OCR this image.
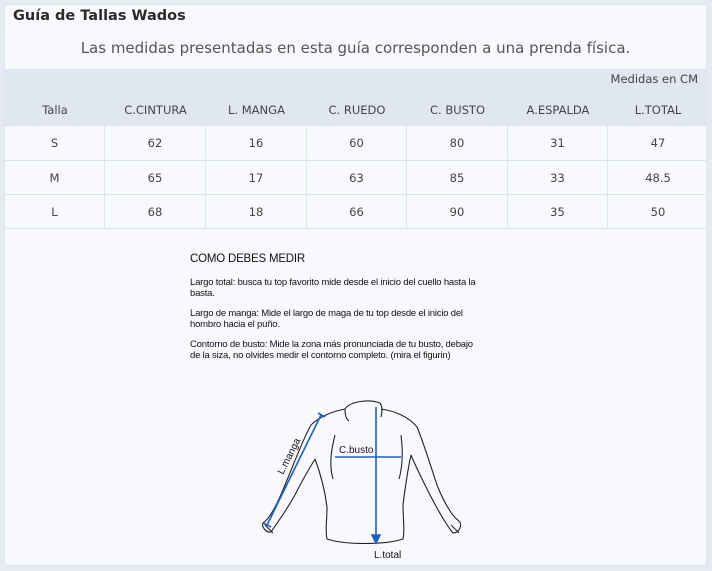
Guía de Tallas Wados
Las medidas presentadas en esta guía corresponden a una prenda física.
Medidas en CM
Talla	C.CINTURA	L. MANGA	C. RUEDO	C. BUSTO	A.ESPALDA	L.TOTAL
S	62	16	60	80	31	47
M	65	17	63	85	33	48.5
L	68	18	66	90	35	50
COMO DEBES MEDIR

Largo total: busca tu top favorito mide desde el inicio del cuello hasta la
basta.

Largo de manga: Mide el largo de maga de tu top desde el inicio del
hombro hacia el puño.

Contorno de busto: Mide la zona más pronunciada de tu busto, debajo
de la siza, no olvides medir el contorno completo. (mira el figurin)

L.manga	C.busto
L.total
